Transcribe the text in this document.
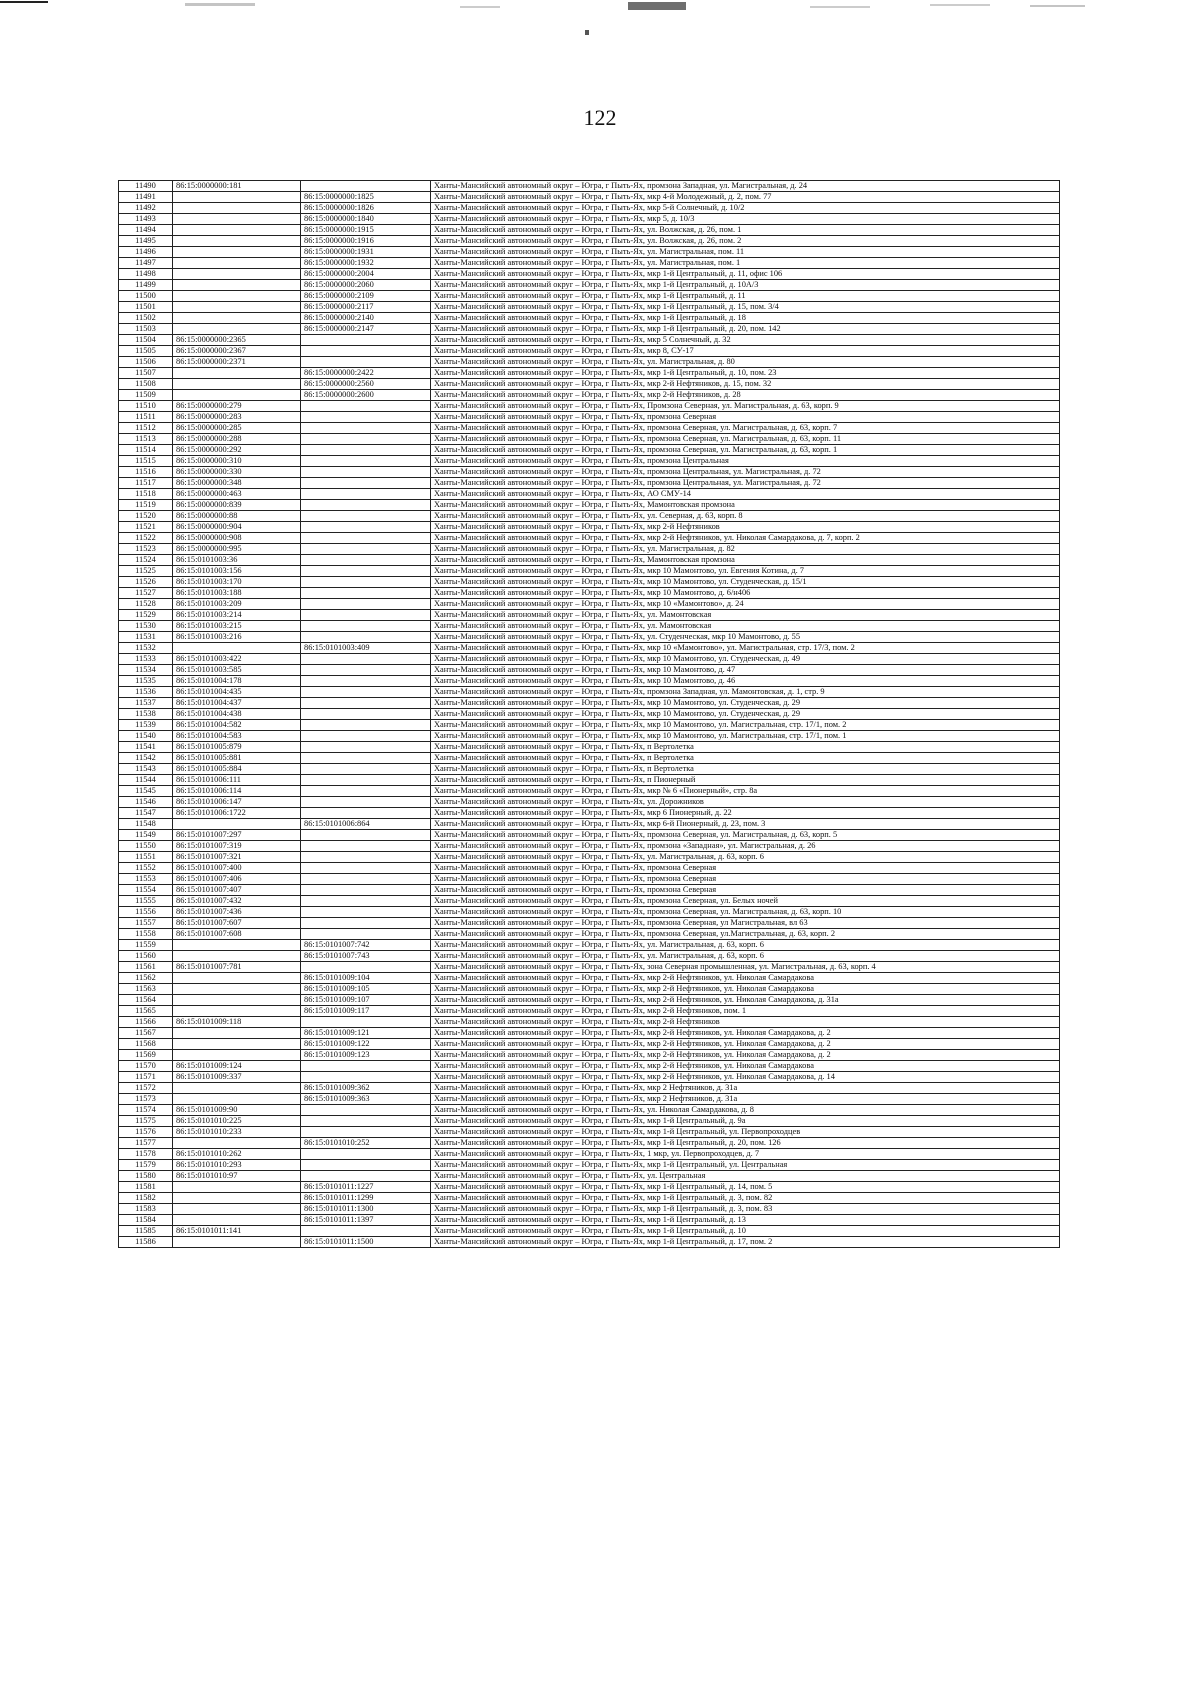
122
11490	86:15:0000000:181		Ханты-Мансийский автономный округ – Югра, г Пыть-Ях, промзона Западная, ул. Магистральная, д. 24
11491		86:15:0000000:1825	Ханты-Мансийский автономный округ – Югра, г Пыть-Ях, мкр 4-й Молодежный, д. 2, пом. 77
11492		86:15:0000000:1826	Ханты-Мансийский автономный округ – Югра, г Пыть-Ях, мкр 5-й Солнечный, д. 10/2
11493		86:15:0000000:1840	Ханты-Мансийский автономный округ – Югра, г Пыть-Ях, мкр 5, д. 10/3
11494		86:15:0000000:1915	Ханты-Мансийский автономный округ – Югра, г Пыть-Ях, ул. Волжская, д. 26, пом. 1
11495		86:15:0000000:1916	Ханты-Мансийский автономный округ – Югра, г Пыть-Ях, ул. Волжская, д. 26, пом. 2
11496		86:15:0000000:1931	Ханты-Мансийский автономный округ – Югра, г Пыть-Ях, ул. Магистральная, пом. 11
11497		86:15:0000000:1932	Ханты-Мансийский автономный округ – Югра, г Пыть-Ях, ул. Магистральная, пом. 1
11498		86:15:0000000:2004	Ханты-Мансийский автономный округ – Югра, г Пыть-Ях, мкр 1-й Центральный, д. 11, офис 106
11499		86:15:0000000:2060	Ханты-Мансийский автономный округ – Югра, г Пыть-Ях, мкр 1-й Центральный, д. 10А/3
11500		86:15:0000000:2109	Ханты-Мансийский автономный округ – Югра, г Пыть-Ях, мкр 1-й Центральный, д. 11
11501		86:15:0000000:2117	Ханты-Мансийский автономный округ – Югра, г Пыть-Ях, мкр 1-й Центральный, д. 15, пом. 3/4
11502		86:15:0000000:2140	Ханты-Мансийский автономный округ – Югра, г Пыть-Ях, мкр 1-й Центральный, д. 18
11503		86:15:0000000:2147	Ханты-Мансийский автономный округ – Югра, г Пыть-Ях, мкр 1-й Центральный, д. 20, пом. 142
11504	86:15:0000000:2365		Ханты-Мансийский автономный округ – Югра, г Пыть-Ях, мкр 5 Солнечный, д. 32
11505	86:15:0000000:2367		Ханты-Мансийский автономный округ – Югра, г Пыть-Ях, мкр 8, СУ-17
11506	86:15:0000000:2371		Ханты-Мансийский автономный округ – Югра, г Пыть-Ях, ул. Магистральная, д. 80
11507		86:15:0000000:2422	Ханты-Мансийский автономный округ – Югра, г Пыть-Ях, мкр 1-й Центральный, д. 10, пом. 23
11508		86:15:0000000:2560	Ханты-Мансийский автономный округ – Югра, г Пыть-Ях, мкр 2-й Нефтяников, д. 15, пом. 32
11509		86:15:0000000:2600	Ханты-Мансийский автономный округ – Югра, г Пыть-Ях, мкр 2-й Нефтяников, д. 28
11510	86:15:0000000:279		Ханты-Мансийский автономный округ – Югра, г Пыть-Ях, Промзона Северная, ул. Магистральная, д. 63, корп. 9
11511	86:15:0000000:283		Ханты-Мансийский автономный округ – Югра, г Пыть-Ях, промзона Северная
11512	86:15:0000000:285		Ханты-Мансийский автономный округ – Югра, г Пыть-Ях, промзона Северная, ул. Магистральная, д. 63, корп. 7
11513	86:15:0000000:288		Ханты-Мансийский автономный округ – Югра, г Пыть-Ях, промзона Северная, ул. Магистральная, д. 63, корп. 11
11514	86:15:0000000:292		Ханты-Мансийский автономный округ – Югра, г Пыть-Ях, промзона Северная, ул. Магистральная, д. 63, корп. 1
11515	86:15:0000000:310		Ханты-Мансийский автономный округ – Югра, г Пыть-Ях, промзона Центральная
11516	86:15:0000000:330		Ханты-Мансийский автономный округ – Югра, г Пыть-Ях, промзона Центральная, ул. Магистральная, д. 72
11517	86:15:0000000:348		Ханты-Мансийский автономный округ – Югра, г Пыть-Ях, промзона Центральная, ул. Магистральная, д. 72
11518	86:15:0000000:463		Ханты-Мансийский автономный округ – Югра, г Пыть-Ях, АО СМУ-14
11519	86:15:0000000:839		Ханты-Мансийский автономный округ – Югра, г Пыть-Ях, Мамонтовская промзона
11520	86:15:0000000:88		Ханты-Мансийский автономный округ – Югра, г Пыть-Ях, ул. Северная, д. 63, корп. 8
11521	86:15:0000000:904		Ханты-Мансийский автономный округ – Югра, г Пыть-Ях, мкр 2-й Нефтяников
11522	86:15:0000000:908		Ханты-Мансийский автономный округ – Югра, г Пыть-Ях, мкр 2-й Нефтяников, ул. Николая Самардакова, д. 7, корп. 2
11523	86:15:0000000:995		Ханты-Мансийский автономный округ – Югра, г Пыть-Ях, ул. Магистральная, д. 82
11524	86:15:0101003:36		Ханты-Мансийский автономный округ – Югра, г Пыть-Ях, Мамонтовская промзона
11525	86:15:0101003:156		Ханты-Мансийский автономный округ – Югра, г Пыть-Ях, мкр 10 Мамонтово, ул. Евгения Котина, д. 7
11526	86:15:0101003:170		Ханты-Мансийский автономный округ – Югра, г Пыть-Ях, мкр 10 Мамонтово, ул. Студенческая, д. 15/1
11527	86:15:0101003:188		Ханты-Мансийский автономный округ – Югра, г Пыть-Ях, мкр 10 Мамонтово, д. 6/н406
11528	86:15:0101003:209		Ханты-Мансийский автономный округ – Югра, г Пыть-Ях, мкр 10 «Мамонтово», д. 24
11529	86:15:0101003:214		Ханты-Мансийский автономный округ – Югра, г Пыть-Ях, ул. Мамонтовская
11530	86:15:0101003:215		Ханты-Мансийский автономный округ – Югра, г Пыть-Ях, ул. Мамонтовская
11531	86:15:0101003:216		Ханты-Мансийский автономный округ – Югра, г Пыть-Ях, ул. Студенческая, мкр 10 Мамонтово, д. 55
11532		86:15:0101003:409	Ханты-Мансийский автономный округ – Югра, г Пыть-Ях, мкр 10 «Мамонтово», ул. Магистральная, стр. 17/3, пом. 2
11533	86:15:0101003:422		Ханты-Мансийский автономный округ – Югра, г Пыть-Ях, мкр 10 Мамонтово, ул. Студенческая, д. 49
11534	86:15:0101003:585		Ханты-Мансийский автономный округ – Югра, г Пыть-Ях, мкр 10 Мамонтово, д. 47
11535	86:15:0101004:178		Ханты-Мансийский автономный округ – Югра, г Пыть-Ях, мкр 10 Мамонтово, д. 46
11536	86:15:0101004:435		Ханты-Мансийский автономный округ – Югра, г Пыть-Ях, промзона Западная, ул. Мамонтовская, д. 1, стр. 9
11537	86:15:0101004:437		Ханты-Мансийский автономный округ – Югра, г Пыть-Ях, мкр 10 Мамонтово, ул. Студенческая, д. 29
11538	86:15:0101004:438		Ханты-Мансийский автономный округ – Югра, г Пыть-Ях, мкр 10 Мамонтово, ул. Студенческая, д. 29
11539	86:15:0101004:582		Ханты-Мансийский автономный округ – Югра, г Пыть-Ях, мкр 10 Мамонтово, ул. Магистральная, стр. 17/1, пом. 2
11540	86:15:0101004:583		Ханты-Мансийский автономный округ – Югра, г Пыть-Ях, мкр 10 Мамонтово, ул. Магистральная, стр. 17/1, пом. 1
11541	86:15:0101005:879		Ханты-Мансийский автономный округ – Югра, г Пыть-Ях, п Вертолетка
11542	86:15:0101005:881		Ханты-Мансийский автономный округ – Югра, г Пыть-Ях, п Вертолетка
11543	86:15:0101005:884		Ханты-Мансийский автономный округ – Югра, г Пыть-Ях, п Вертолетка
11544	86:15:0101006:111		Ханты-Мансийский автономный округ – Югра, г Пыть-Ях, п Пионерный
11545	86:15:0101006:114		Ханты-Мансийский автономный округ – Югра, г Пыть-Ях, мкр № 6 «Пионерный», стр. 8а
11546	86:15:0101006:147		Ханты-Мансийский автономный округ – Югра, г Пыть-Ях, ул. Дорожников
11547	86:15:0101006:1722		Ханты-Мансийский автономный округ – Югра, г Пыть-Ях, мкр 6 Пионерный, д. 22
11548		86:15:0101006:864	Ханты-Мансийский автономный округ – Югра, г Пыть-Ях, мкр 6-й Пионерный, д. 23, пом. 3
11549	86:15:0101007:297		Ханты-Мансийский автономный округ – Югра, г Пыть-Ях, промзона Северная, ул. Магистральная, д. 63, корп. 5
11550	86:15:0101007:319		Ханты-Мансийский автономный округ – Югра, г Пыть-Ях, промзона «Западная», ул. Магистральная, д. 26
11551	86:15:0101007:321		Ханты-Мансийский автономный округ – Югра, г Пыть-Ях, ул. Магистральная, д. 63, корп. 6
11552	86:15:0101007:400		Ханты-Мансийский автономный округ – Югра, г Пыть-Ях, промзона Северная
11553	86:15:0101007:406		Ханты-Мансийский автономный округ – Югра, г Пыть-Ях, промзона Северная
11554	86:15:0101007:407		Ханты-Мансийский автономный округ – Югра, г Пыть-Ях, промзона Северная
11555	86:15:0101007:432		Ханты-Мансийский автономный округ – Югра, г Пыть-Ях, промзона Северная, ул. Белых ночей
11556	86:15:0101007:436		Ханты-Мансийский автономный округ – Югра, г Пыть-Ях, промзона Северная, ул. Магистральная, д. 63, корп. 10
11557	86:15:0101007:607		Ханты-Мансийский автономный округ – Югра, г Пыть-Ях, промзона Северная, ул Магистральная, вл 63
11558	86:15:0101007:608		Ханты-Мансийский автономный округ – Югра, г Пыть-Ях, промзона Северная, ул.Магистральная, д. 63, корп. 2
11559		86:15:0101007:742	Ханты-Мансийский автономный округ – Югра, г Пыть-Ях, ул. Магистральная, д. 63, корп. 6
11560		86:15:0101007:743	Ханты-Мансийский автономный округ – Югра, г Пыть-Ях, ул. Магистральная, д. 63, корп. 6
11561	86:15:0101007:781		Ханты-Мансийский автономный округ – Югра, г Пыть-Ях, зона Северная промышленная, ул. Магистральная, д. 63, корп. 4
11562		86:15:0101009:104	Ханты-Мансийский автономный округ – Югра, г Пыть-Ях, мкр 2-й Нефтяников, ул. Николая Самардакова
11563		86:15:0101009:105	Ханты-Мансийский автономный округ – Югра, г Пыть-Ях, мкр 2-й Нефтяников, ул. Николая Самардакова
11564		86:15:0101009:107	Ханты-Мансийский автономный округ – Югра, г Пыть-Ях, мкр 2-й Нефтяников, ул. Николая Самардакова, д. 31а
11565		86:15:0101009:117	Ханты-Мансийский автономный округ – Югра, г Пыть-Ях, мкр 2-й Нефтяников, пом. 1
11566	86:15:0101009:118		Ханты-Мансийский автономный округ – Югра, г Пыть-Ях, мкр 2-й Нефтяников
11567		86:15:0101009:121	Ханты-Мансийский автономный округ – Югра, г Пыть-Ях, мкр 2-й Нефтяников, ул. Николая Самардакова, д. 2
11568		86:15:0101009:122	Ханты-Мансийский автономный округ – Югра, г Пыть-Ях, мкр 2-й Нефтяников, ул. Николая Самардакова, д. 2
11569		86:15:0101009:123	Ханты-Мансийский автономный округ – Югра, г Пыть-Ях, мкр 2-й Нефтяников, ул. Николая Самардакова, д. 2
11570	86:15:0101009:124		Ханты-Мансийский автономный округ – Югра, г Пыть-Ях, мкр 2-й Нефтяников, ул. Николая Самардакова
11571	86:15:0101009:337		Ханты-Мансийский автономный округ – Югра, г Пыть-Ях, мкр 2-й Нефтяников, ул. Николая Самардакова, д. 14
11572		86:15:0101009:362	Ханты-Мансийский автономный округ – Югра, г Пыть-Ях, мкр 2 Нефтяников, д. 31а
11573		86:15:0101009:363	Ханты-Мансийский автономный округ – Югра, г Пыть-Ях, мкр 2 Нефтяников, д. 31а
11574	86:15:0101009:90		Ханты-Мансийский автономный округ – Югра, г Пыть-Ях, ул. Николая Самардакова, д. 8
11575	86:15:0101010:225		Ханты-Мансийский автономный округ – Югра, г Пыть-Ях, мкр 1-й Центральный, д. 9а
11576	86:15:0101010:233		Ханты-Мансийский автономный округ – Югра, г Пыть-Ях, мкр 1-й Центральный, ул. Первопроходцев
11577		86:15:0101010:252	Ханты-Мансийский автономный округ – Югра, г Пыть-Ях, мкр 1-й Центральный, д. 20, пом. 126
11578	86:15:0101010:262		Ханты-Мансийский автономный округ – Югра, г Пыть-Ях, 1 мкр, ул. Первопроходцев, д. 7
11579	86:15:0101010:293		Ханты-Мансийский автономный округ – Югра, г Пыть-Ях, мкр 1-й Центральный, ул. Центральная
11580	86:15:0101010:97		Ханты-Мансийский автономный округ – Югра, г Пыть-Ях, ул. Центральная
11581		86:15:0101011:1227	Ханты-Мансийский автономный округ – Югра, г Пыть-Ях, мкр 1-й Центральный, д. 14, пом. 5
11582		86:15:0101011:1299	Ханты-Мансийский автономный округ – Югра, г Пыть-Ях, мкр 1-й Центральный, д. 3, пом. 82
11583		86:15:0101011:1300	Ханты-Мансийский автономный округ – Югра, г Пыть-Ях, мкр 1-й Центральный, д. 3, пом. 83
11584		86:15:0101011:1397	Ханты-Мансийский автономный округ – Югра, г Пыть-Ях, мкр 1-й Центральный, д. 13
11585	86:15:0101011:141		Ханты-Мансийский автономный округ – Югра, г Пыть-Ях, мкр 1-й Центральный, д. 10
11586		86:15:0101011:1500	Ханты-Мансийский автономный округ – Югра, г Пыть-Ях, мкр 1-й Центральный, д. 17, пом. 2
